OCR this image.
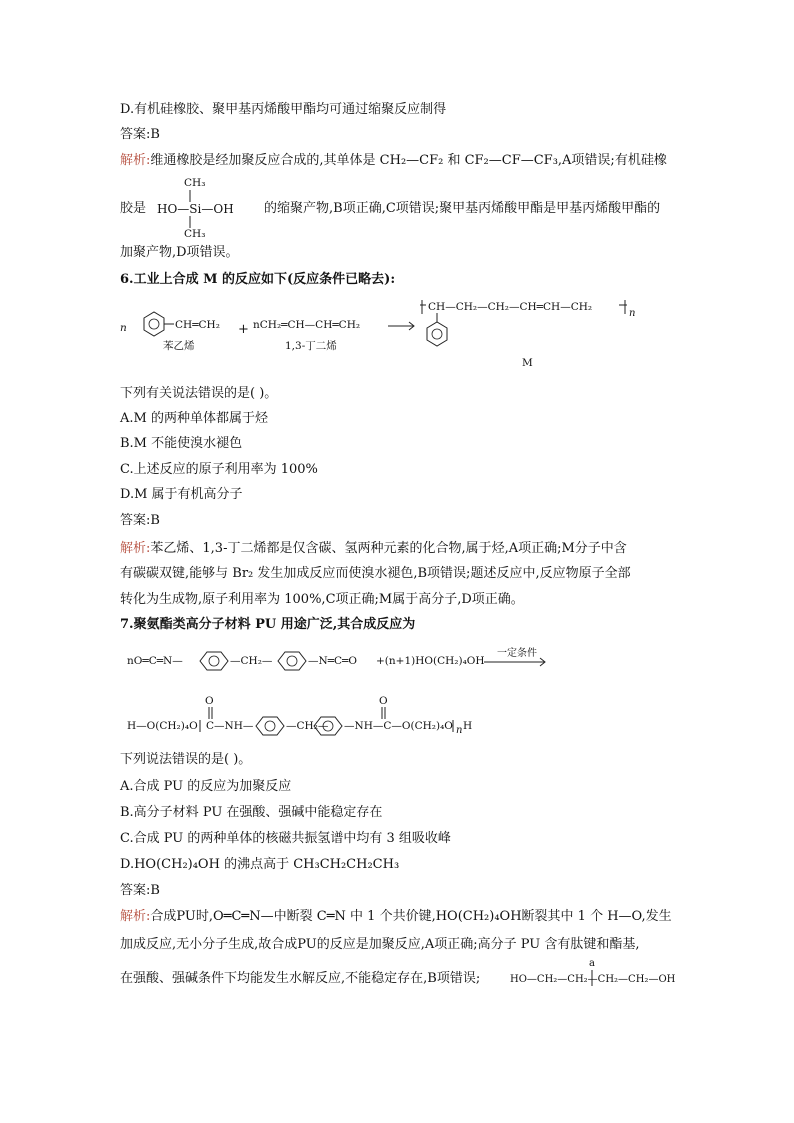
D.有机硅橡胶、聚甲基丙烯酸甲酯均可通过缩聚反应制得
答案:B
解析:维通橡胶是经加聚反应合成的,其单体是 CH₂—CF₂ 和 CF₂—CF—CF₃,A项错误;有机硅橡
胶是	的缩聚产物,B项正确,C项错误;聚甲基丙烯酸甲酯是甲基丙烯酸甲酯的
CH₃
HO—Si—OH
CH₃
加聚产物,D项错误。
6.工业上合成 M 的反应如下(反应条件已略去):
n	CH═CH₂
苯乙烯
+ nCH₂═CH—CH═CH₂
1,3-丁二烯
CH—CH₂—CH₂—CH═CH—CH₂
n
M
下列有关说法错误的是( )。
A.M 的两种单体都属于烃
B.M 不能使溴水褪色
C.上述反应的原子利用率为 100%
D.M 属于有机高分子
答案:B
解析:苯乙烯、1,3-丁二烯都是仅含碳、氢两种元素的化合物,属于烃,A项正确;M分子中含
有碳碳双键,能够与 Br₂ 发生加成反应而使溴水褪色,B项错误;题述反应中,反应物原子全部
转化为生成物,原子利用率为 100%,C项正确;M属于高分子,D项正确。
7.聚氨酯类高分子材料 PU 用途广泛,其合成反应为
nO═C═N—	—CH₂—	—N═C═O +(n+1)HO(CH₂)₄OH
一定条件
O
H—O(CH₂)₄O C—NH—	—CH₂— —NH—C—O(CH₂)₄O
O
n H
下列说法错误的是( )。
A.合成 PU 的反应为加聚反应
B.高分子材料 PU 在强酸、强碱中能稳定存在
C.合成 PU 的两种单体的核磁共振氢谱中均有 3 组吸收峰
D.HO(CH₂)₄OH 的沸点高于 CH₃CH₂CH₂CH₃
答案:B
解析:合成PU时,O═C═N—中断裂 C═N 中 1 个共价键,HO(CH₂)₄OH断裂其中 1 个 H—O,发生
加成反应,无小分子生成,故合成PU的反应是加聚反应,A项正确;高分子 PU 含有肽键和酯基,
在强酸、强碱条件下均能发生水解反应,不能稳定存在,B项错误;
a
HO—CH₂—CH₂—CH₂—CH₂—OH
